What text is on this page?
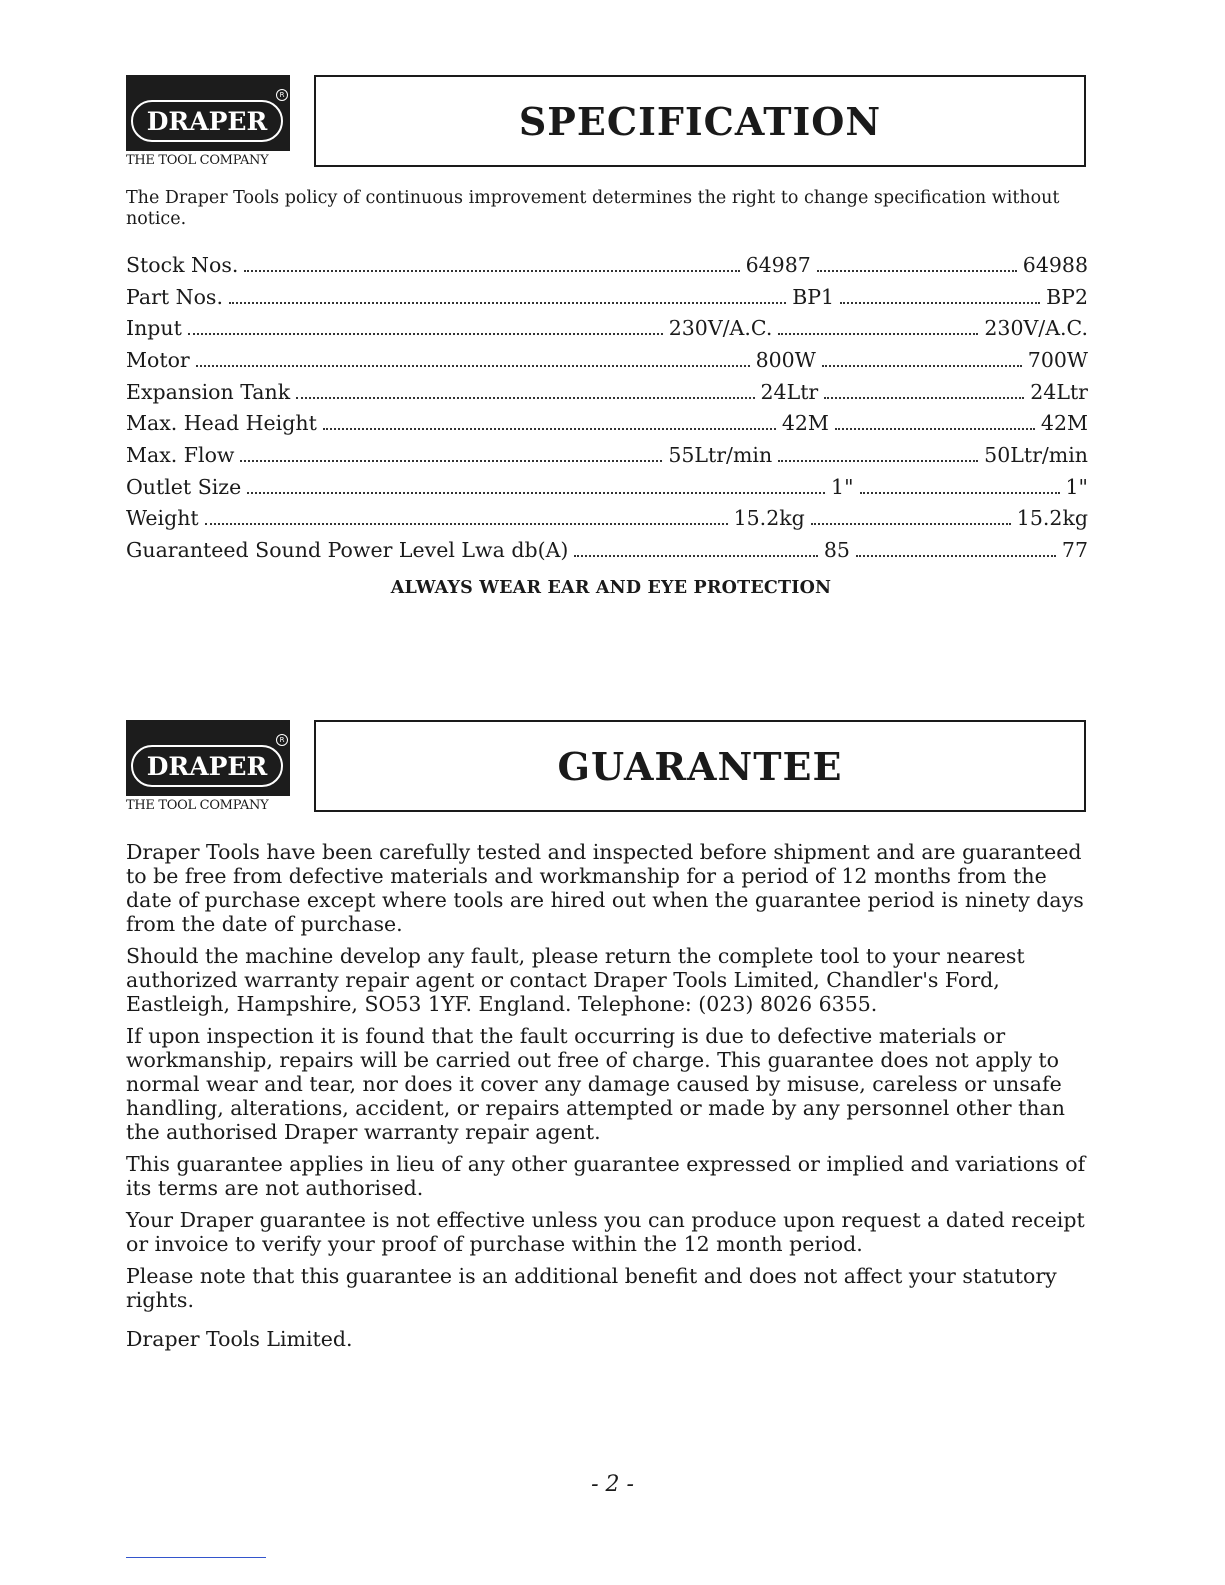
R
DRAPER
THE TOOL COMPANY
SPECIFICATION
The Draper Tools policy of continuous improvement determines the right to change specification without notice.
Stock Nos.	64987	64988
Part Nos.	BP1	BP2
Input	230V/A.C.	230V/A.C.
Motor	800W	700W
Expansion Tank	24Ltr	24Ltr
Max. Head Height	42M	42M
Max. Flow	55Ltr/min	50Ltr/min
Outlet Size	1"	1"
Weight	15.2kg	15.2kg
Guaranteed Sound Power Level Lwa db(A)	85	77
ALWAYS WEAR EAR AND EYE PROTECTION
R
DRAPER
THE TOOL COMPANY
GUARANTEE

Draper Tools have been carefully tested and inspected before shipment and are guaranteed to be free from defective materials and workmanship for a period of 12 months from the date of purchase except where tools are hired out when the guarantee period is ninety days from the date of purchase.

Should the machine develop any fault, please return the complete tool to your nearest authorized warranty repair agent or contact Draper Tools Limited, Chandler's Ford, Eastleigh, Hampshire, SO53 1YF. England. Telephone: (023) 8026 6355.

If upon inspection it is found that the fault occurring is due to defective materials or workmanship, repairs will be carried out free of charge. This guarantee does not apply to normal wear and tear, nor does it cover any damage caused by misuse, careless or unsafe handling, alterations, accident, or repairs attempted or made by any personnel other than the authorised Draper warranty repair agent.

This guarantee applies in lieu of any other guarantee expressed or implied and variations of its terms are not authorised.

Your Draper guarantee is not effective unless you can produce upon request a dated receipt or invoice to verify your proof of purchase within the 12 month period.

Please note that this guarantee is an additional benefit and does not affect your statutory rights.

Draper Tools Limited.
- 2 -
